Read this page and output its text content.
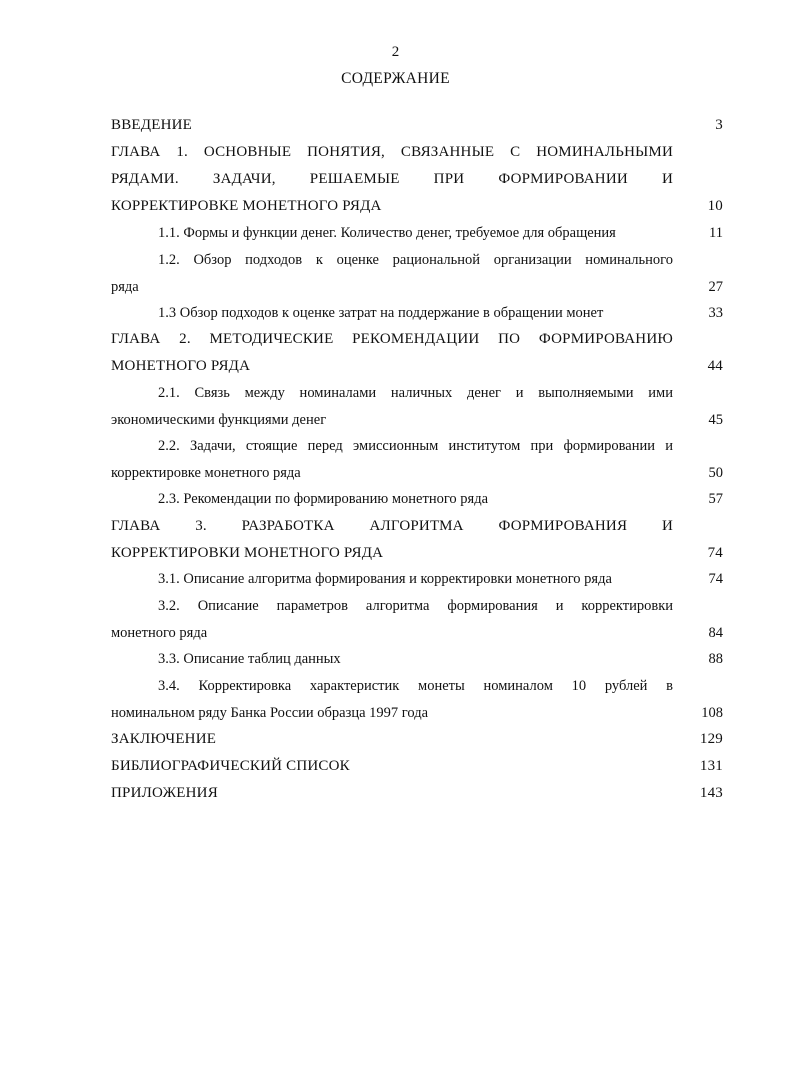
2
СОДЕРЖАНИЕ
ВВЕДЕНИЕ	3
ГЛАВА 1. ОСНОВНЫЕ ПОНЯТИЯ, СВЯЗАННЫЕ С НОМИНАЛЬНЫМИ
РЯДАМИ. ЗАДАЧИ, РЕШАЕМЫЕ ПРИ ФОРМИРОВАНИИ И
КОРРЕКТИРОВКЕ МОНЕТНОГО РЯДА	10
1.1. Формы и функции денег. Количество денег, требуемое для обращения	11
1.2. Обзор подходов к оценке рациональной организации номинального
ряда	27
1.3 Обзор подходов к оценке затрат на поддержание в обращении монет	33
ГЛАВА 2. МЕТОДИЧЕСКИЕ РЕКОМЕНДАЦИИ ПО ФОРМИРОВАНИЮ
МОНЕТНОГО РЯДА	44
2.1. Связь между номиналами наличных денег и выполняемыми ими
экономическими функциями денег	45
2.2. Задачи, стоящие перед эмиссионным институтом при формировании и
корректировке монетного ряда	50
2.3. Рекомендации по формированию монетного ряда	57
ГЛАВА 3. РАЗРАБОТКА АЛГОРИТМА ФОРМИРОВАНИЯ И
КОРРЕКТИРОВКИ МОНЕТНОГО РЯДА	74
3.1. Описание алгоритма формирования и корректировки монетного ряда	74
3.2. Описание параметров алгоритма формирования и корректировки
монетного ряда	84
3.3. Описание таблиц данных	88
3.4. Корректировка характеристик монеты номиналом 10 рублей в
номинальном ряду Банка России образца 1997 года	108
ЗАКЛЮЧЕНИЕ	129
БИБЛИОГРАФИЧЕСКИЙ СПИСОК	131
ПРИЛОЖЕНИЯ	143
